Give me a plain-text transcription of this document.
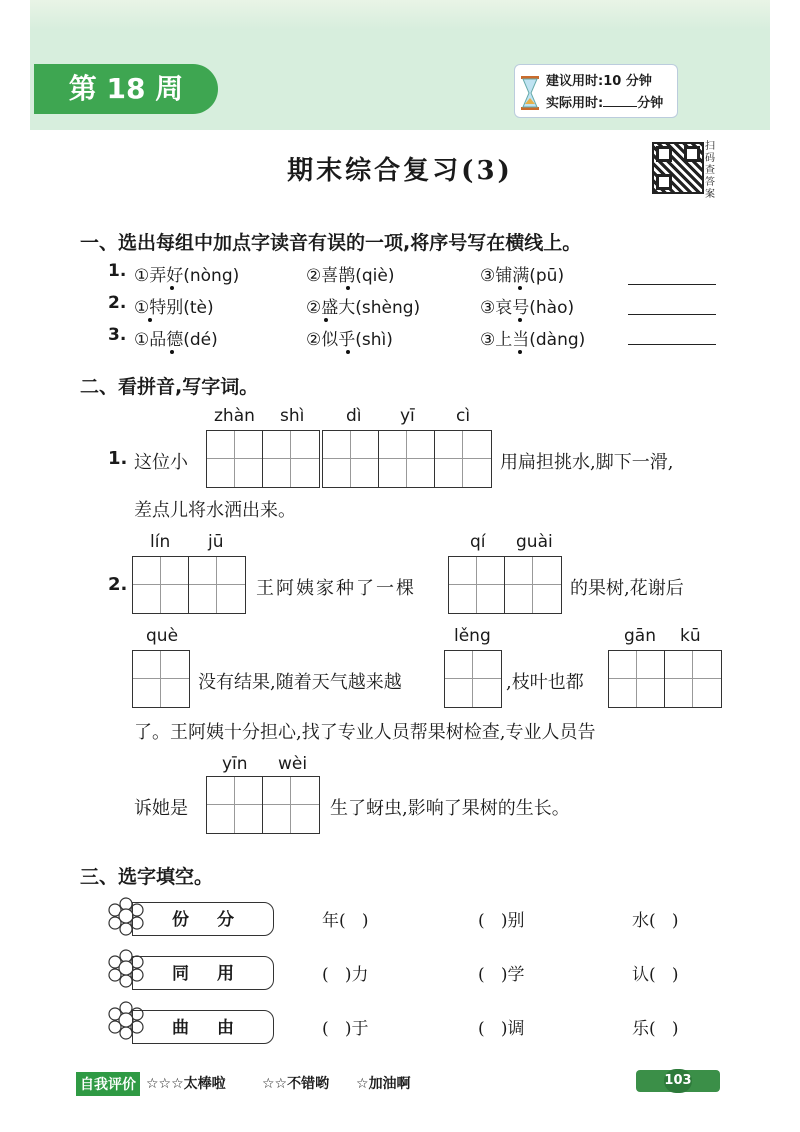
第 18 周	建议用时:10 分钟
实际用时:	分钟
扫码查答案
期末综合复习(3)
一、选出每组中加点字读音有误的一项,将序号写在横线上。
1. ①弄好(nòng)	②喜鹊(qiè)	③铺满(pū)
2. ①特别(tè)	②盛大(shèng)	③哀号(hào)
3. ①品德(dé)	②似乎(shì)	③上当(dàng)
二、看拼音,写字词。
zhàn shì dì yī cì
1. 这位小	用扁担挑水,脚下一滑,
差点儿将水洒出来。
lín jū
2.	王阿姨家种了一棵
qí guài
的果树,花谢后
què
没有结果,随着天气越来越
lěng
,枝叶也都
gān kū
了。王阿姨十分担心,找了专业人员帮果树检查,专业人员告
yīn wèi
诉她是	生了蚜虫,影响了果树的生长。
三、选字填空。
份分	年(   )	(   )别	水(   )
同用	(   )力	(   )学	认(   )
曲由	(   )于	(   )调	乐(   )
自我评价 ☆☆☆太棒啦	☆☆不错哟 ☆加油啊	103
